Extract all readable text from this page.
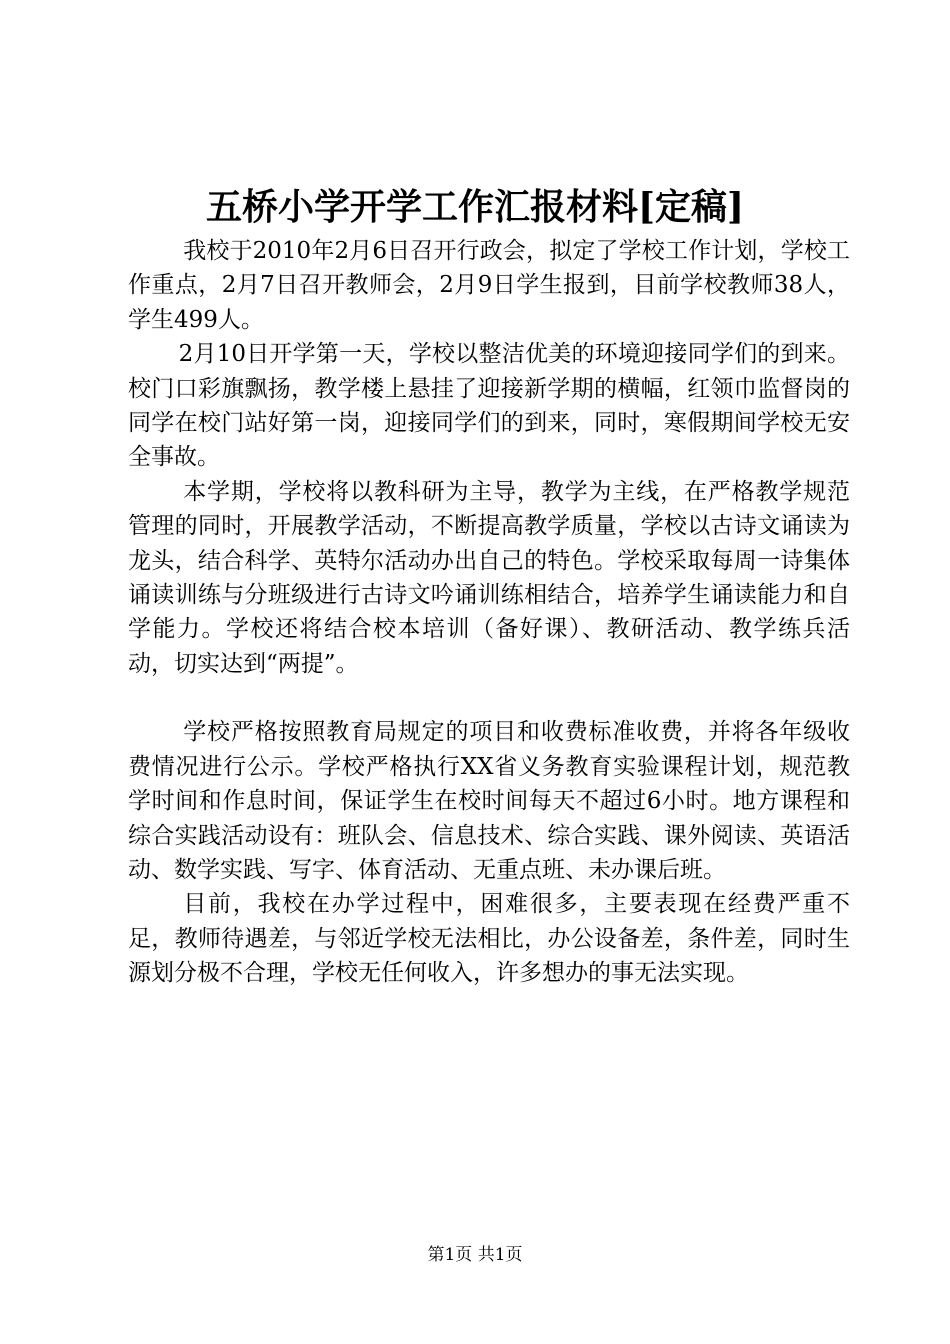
五桥小学开学工作汇报材料[定稿]

我校于2010年2月6日召开行政会，拟定了学校工作计划，学校工作重点，2月7日召开教师会，2月9日学生报到，目前学校教师38人，学生499人。

2月10日开学第一天，学校以整洁优美的环境迎接同学们的到来。校门口彩旗飘扬，教学楼上悬挂了迎接新学期的横幅，红领巾监督岗的同学在校门站好第一岗，迎接同学们的到来，同时，寒假期间学校无安全事故。

本学期，学校将以教科研为主导，教学为主线，在严格教学规范管理的同时，开展教学活动，不断提高教学质量，学校以古诗文诵读为龙头，结合科学、英特尔活动办出自己的特色。学校采取每周一诗集体诵读训练与分班级进行古诗文吟诵训练相结合，培养学生诵读能力和自学能力。学校还将结合校本培训（备好课）、教研活动、教学练兵活动，切实达到“两提”。

学校严格按照教育局规定的项目和收费标准收费，并将各年级收费情况进行公示。学校严格执行XX省义务教育实验课程计划，规范教学时间和作息时间，保证学生在校时间每天不超过6小时。地方课程和综合实践活动设有：班队会、信息技术、综合实践、课外阅读、英语活动、数学实践、写字、体育活动、无重点班、未办课后班。

目前，我校在办学过程中，困难很多，主要表现在经费严重不足，教师待遇差，与邻近学校无法相比，办公设备差，条件差，同时生源划分极不合理，学校无任何收入，许多想办的事无法实现。

第1页 共1页
